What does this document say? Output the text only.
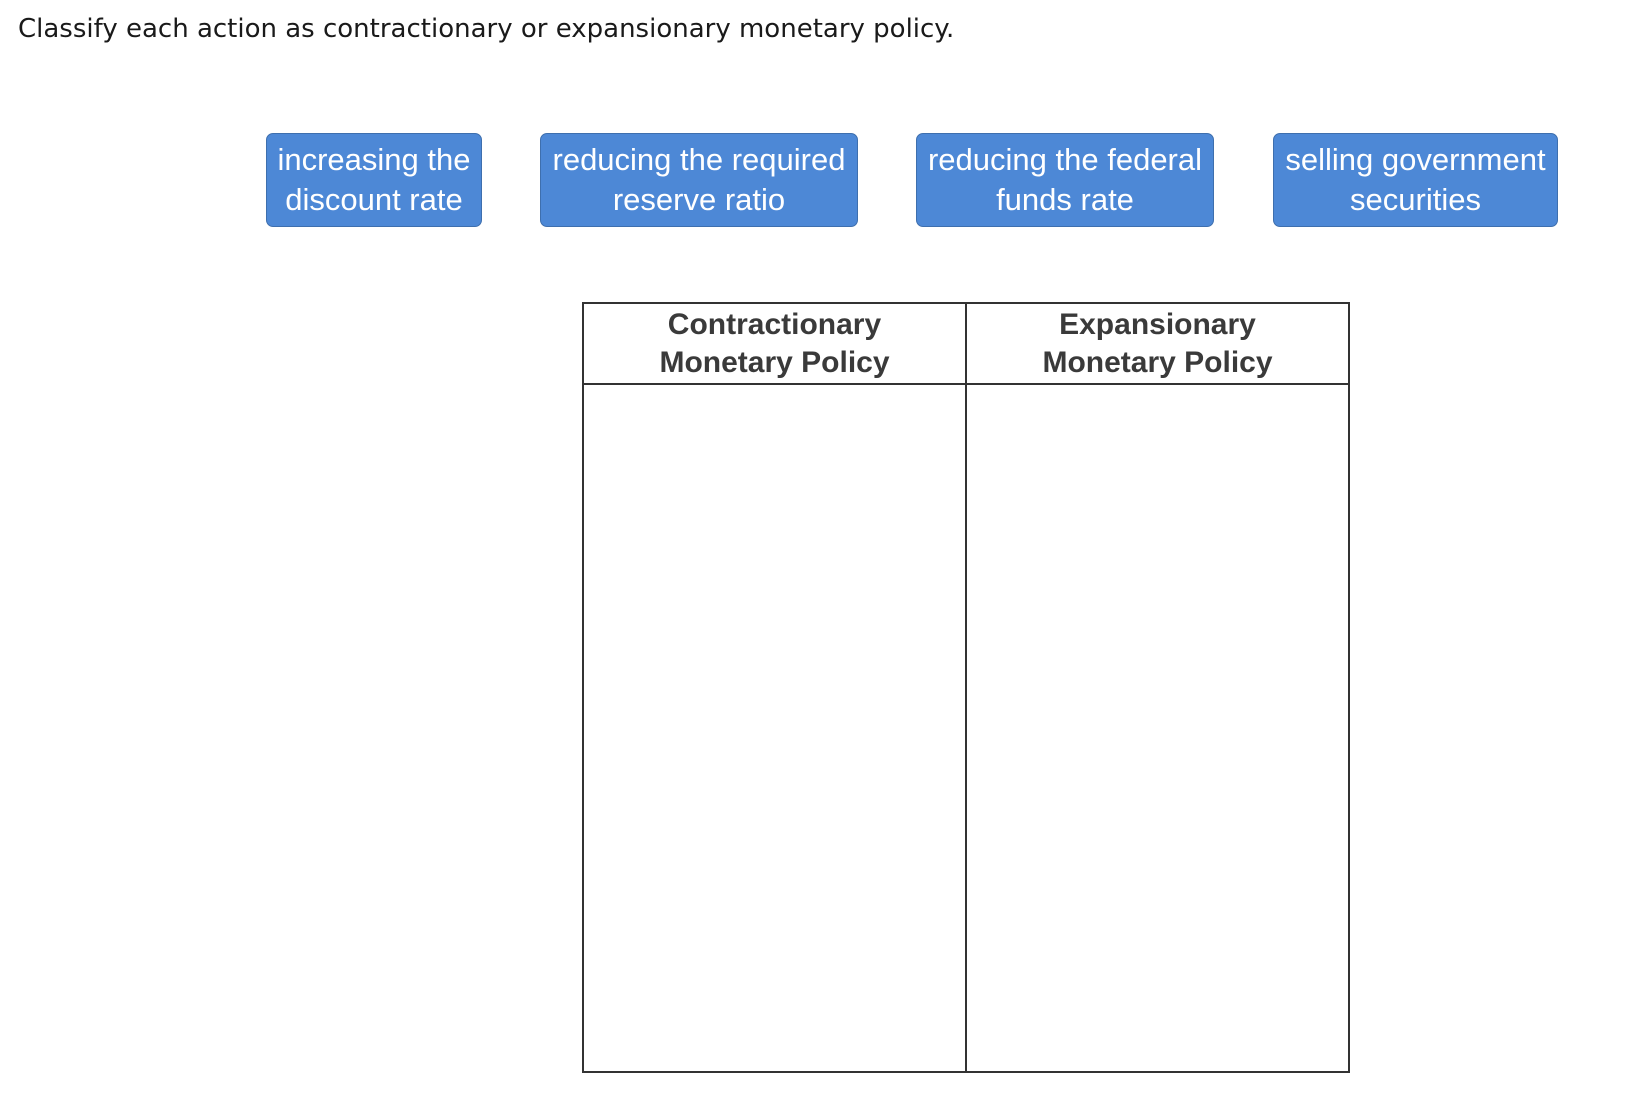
Classify each action as contractionary or expansionary monetary policy.
increasing the
discount rate
reducing the required
reserve ratio
reducing the federal
funds rate
selling government
securities
Contractionary
Monetary Policy
Expansionary
Monetary Policy
